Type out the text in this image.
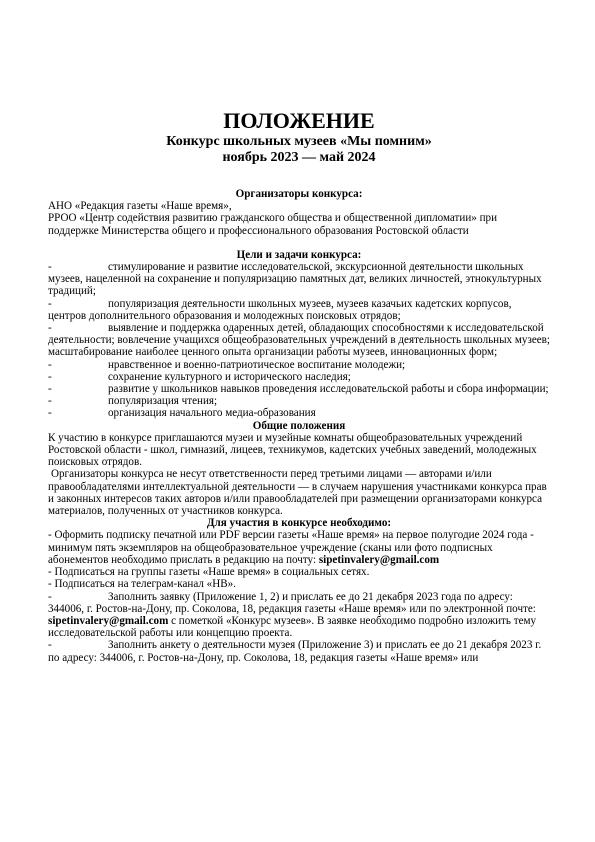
ПОЛОЖЕНИЕ

Конкурс школьных музеев «Мы помним»

ноябрь 2023 — май 2024

Организаторы конкурса:

АНО «Редакция газеты «Наше время»,

РРОО «Центр содействия развитию гражданского общества и общественной дипломатии» при поддержке Министерства общего и профессионального образования Ростовской области

Цели и задачи конкурса:

-	стимулирование и развитие исследовательской, экскурсионной деятельности школьных музеев, нацеленной на сохранение и популяризацию памятных дат, великих личностей, этнокультурных традиций;

-	популяризация деятельности школьных музеев, музеев казачьих кадетских корпусов, центров дополнительного образования и молодежных поисковых отрядов;

-	выявление и поддержка одаренных детей, обладающих способностями к исследовательской деятельности; вовлечение учащихся общеобразовательных учреждений в деятельность школьных музеев; масштабирование наиболее ценного опыта организации работы музеев, инновационных форм;

-	нравственное и военно-патриотическое воспитание молодежи;

-	сохранение культурного и исторического наследия;

-	развитие у школьников навыков проведения исследовательской работы и сбора информации;

-	популяризация чтения;

-	организация начального медиа-образования

Общие положения

К участию в конкурсе приглашаются музеи и музейные комнаты общеобразовательных учреждений Ростовской области - школ, гимназий, лицеев, техникумов, кадетских учебных заведений, молодежных поисковых отрядов.

Организаторы конкурса не несут ответственности перед третьими лицами — авторами и/или правообладателями интеллектуальной деятельности — в случаем нарушения участниками конкурса прав и законных интересов таких авторов и/или правообладателей при размещении организаторами конкурса материалов, полученных от участников конкурса.

Для участия в конкурсе необходимо:

- Оформить подписку печатной или PDF версии газеты «Наше время» на первое полугодие 2024 года - минимум пять экземпляров на общеобразовательное учреждение (сканы или фото подписных абонементов необходимо прислать в редакцию на почту: sipetinvalery@gmail.com

- Подписаться на группы газеты «Наше время» в социальных сетях.

- Подписаться на телеграм-канал «НВ».

-	Заполнить заявку (Приложение 1, 2) и прислать ее до 21 декабря 2023 года по адресу: 344006, г. Ростов-на-Дону, пр. Соколова, 18, редакция газеты «Наше время» или по электронной почте: sipetinvalery@gmail.com с пометкой «Конкурс музеев». В заявке необходимо подробно изложить тему исследовательской работы или концепцию проекта.

-	Заполнить анкету о деятельности музея (Приложение 3) и прислать ее до 21 декабря 2023 г. по адресу: 344006, г. Ростов-на-Дону, пр. Соколова, 18, редакция газеты «Наше время» или
